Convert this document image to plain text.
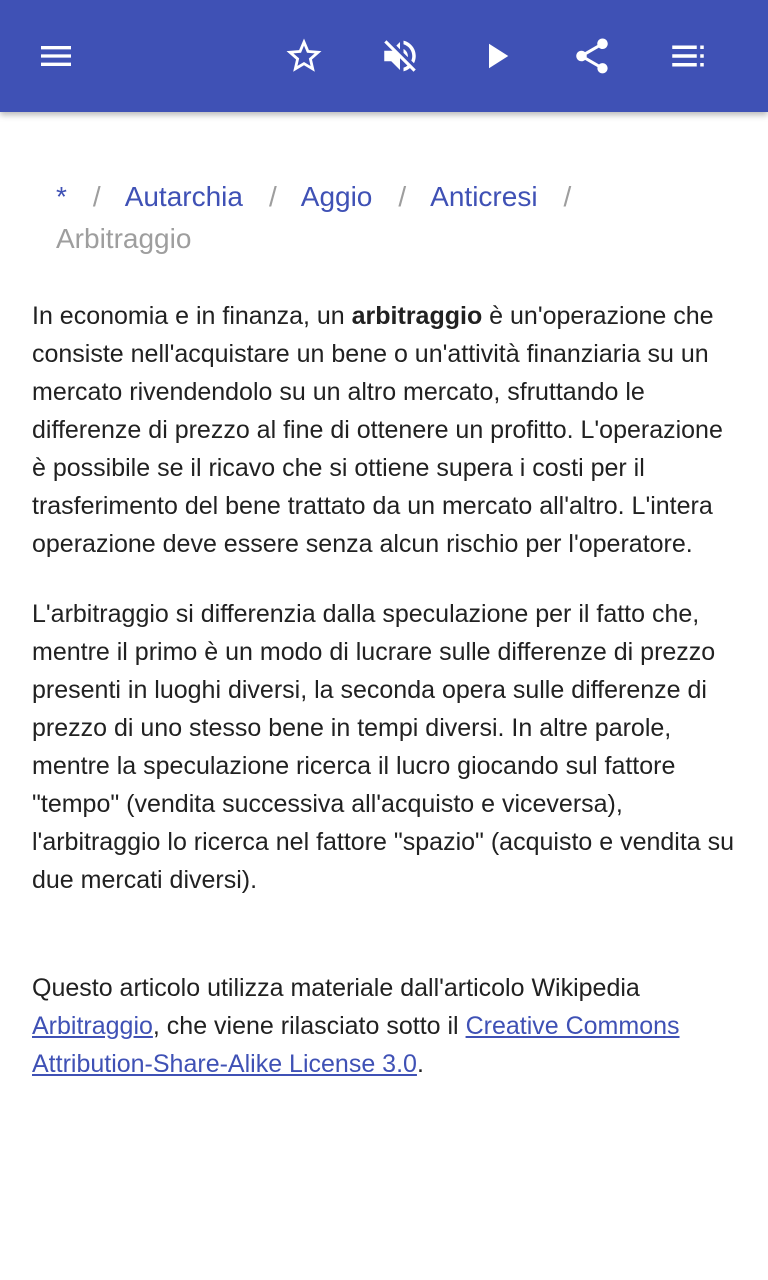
* / Autarchia / Aggio / Anticresi /
Arbitraggio

In economia e in finanza, un arbitraggio è un'operazione che consiste nell'acquistare un bene o un'attività finanziaria su un mercato rivendendolo su un altro mercato, sfruttando le differenze di prezzo al fine di ottenere un profitto. L'operazione è possibile se il ricavo che si ottiene supera i costi per il trasferimento del bene trattato da un mercato all'altro. L'intera operazione deve essere senza alcun rischio per l'operatore.

L'arbitraggio si differenzia dalla speculazione per il fatto che, mentre il primo è un modo di lucrare sulle differenze di prezzo presenti in luoghi diversi, la seconda opera sulle differenze di prezzo di uno stesso bene in tempi diversi. In altre parole, mentre la speculazione ricerca il lucro giocando sul fattore "tempo" (vendita successiva all'acquisto e viceversa), l'arbitraggio lo ricerca nel fattore "spazio" (acquisto e vendita su due mercati diversi).

Questo articolo utilizza materiale dall'articolo Wikipedia Arbitraggio, che viene rilasciato sotto il Creative Commons Attribution-Share-Alike License 3.0.
